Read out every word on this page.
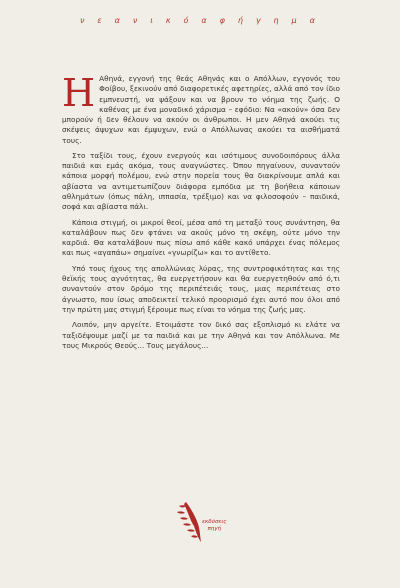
ν ε α ν ι κ ό α φ ή γ η μ α

Η Αθηνά, εγγονή της θεάς Αθηνάς και ο Απόλλων, εγγονός του Φοίβου, ξεκινούν από διαφορετικές αφετηρίες, αλλά από τον ίδιο εμπνευστή, να ψάξουν και να βρουν το νόημα της ζωής. Ο καθένας με ένα μοναδικό χάρισμα – εφόδιο: Να «ακούν» όσα δεν μπορούν ή δεν θέλουν να ακούν οι άνθρωποι. Η μεν Αθηνά ακούει τις σκέψεις άψυχων και έμψυχων, ενώ ο Απόλλωνας ακούει τα αισθήματά τους.

Στο ταξίδι τους, έχουν ενεργούς και ισότιμους συνοδοιπόρους άλλα παιδιά και εμάς ακόμα, τους αναγνώστες. Όπου πηγαίνουν, συναντούν κάποια μορφή πολέμου, ενώ στην πορεία τους θα διακρίνουμε απλά και αβίαστα να αντιμετωπίζουν διάφορα εμπόδια με τη βοήθεια κάποιων αθλημάτων (όπως πάλη, ιππασία, τρέξιμο) και να φιλοσοφούν – παιδικά, σοφά και αβίαστα πάλι.

Κάποια στιγμή, οι μικροί θεοί, μέσα από τη μεταξύ τους συνάντηση, θα καταλάβουν πως δεν φτάνει να ακούς μόνο τη σκέψη, ούτε μόνο την καρδιά. Θα καταλάβουν πως πίσω από κάθε κακό υπάρχει ένας πόλεμος και πως «αγαπάω» σημαίνει «γνωρίζω» και το αντίθετο.

Υπό τους ήχους της απολλώνιας λύρας, της συντροφικότητας και της θεϊκής τους αγνότητας, θα ευεργετήσουν και θα ευεργετηθούν από ό,τι συναντούν στον δρόμο της περιπέτειάς τους, μιας περιπέτειας στο άγνωστο, που ίσως αποδεικτεί τελικό προορισμό έχει αυτό που όλοι από την πρώτη μας στιγμή ξέρουμε πως είναι το νόημα της ζωής μας.

Λοιπόν, μην αργείτε. Ετοιμάστε τον δικό σας εξοπλισμό κι ελάτε να ταξιδέψουμε μαζί με τα παιδιά και με την Αθηνά και τον Απόλλωνα. Με τους Μικρούς Θεούς... Τους μεγάλους...

εκδόσεις
πηγή
